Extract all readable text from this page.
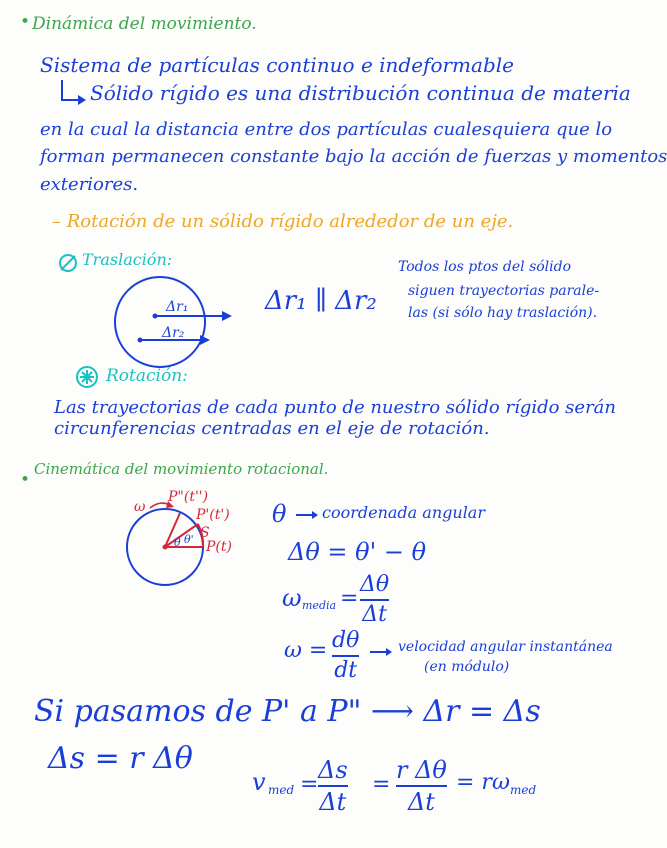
• Dinámica del movimiento.
Sistema de partículas continuo e indeformable
Sólido rígido es una distribución continua de materia
en la cual la distancia entre dos partículas cualesquiera que lo
forman permanecen constante bajo la acción de fuerzas y momentos
exteriores.
– Rotación de un sólido rígido alrededor de un eje.
Traslación:
Δr₁
Δr₂
Δr₁ ∥ Δr₂
Todos los ptos del sólido
siguen trayectorias parale-
las (si sólo hay traslación).
Rotación:
Las trayectorias de cada punto de nuestro sólido rígido serán
circunferencias centradas en el eje de rotación.
•
Cinemática del movimiento rotacional.
ω
P"(t'')
P'(t')
P(t)
S
θ θ'
θ coordenada angular
Δθ = θ' − θ
ω media =
Δθ
Δt
ω = dθ
dt
velocidad angular instantánea
(en módulo)
Si pasamos de P' a P" ⟶ Δr = Δs
Δs = r Δθ
v med =
Δs
Δt
=
r Δθ
Δt
= rω med
